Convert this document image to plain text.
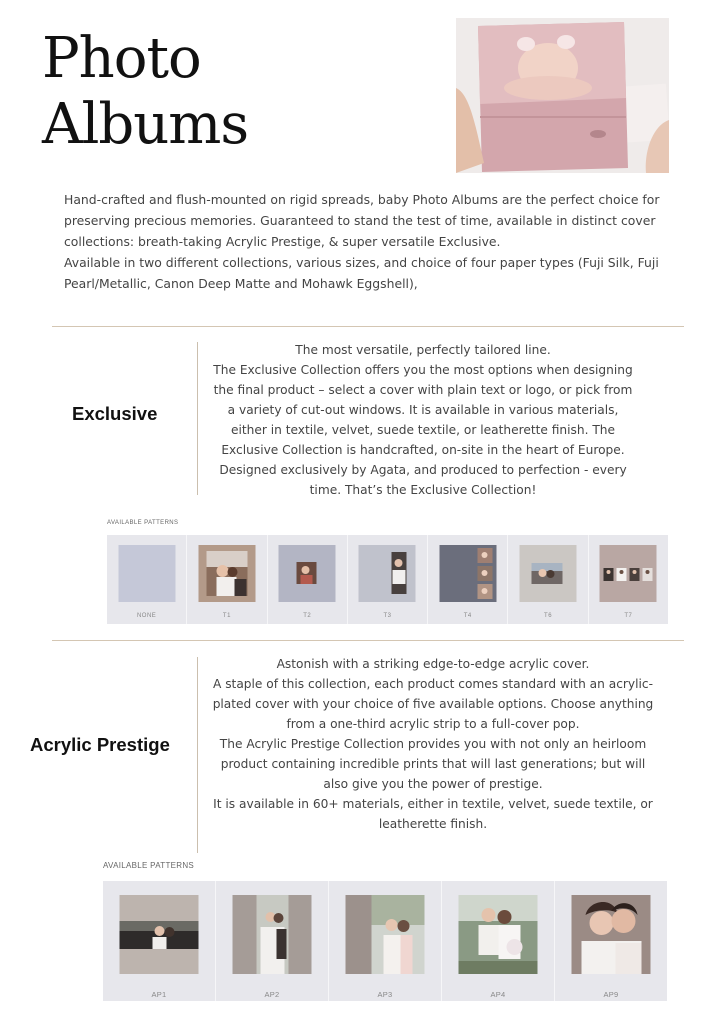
Photo
Albums

Hand-crafted and flush-mounted on rigid spreads, baby Photo Albums are the perfect choice for preserving precious memories. Guaranteed to stand the test of time, available in distinct cover collections: breath-taking Acrylic Prestige, & super versatile Exclusive.

Available in two different collections, various sizes, and choice of four paper types (Fuji Silk, Fuji Pearl/Metallic, Canon Deep Matte and Mohawk Eggshell),

Exclusive

The most versatile, perfectly tailored line.

The Exclusive Collection offers you the most options when designing the final product – select a cover with plain text or logo, or pick from a variety of cut-out windows. It is available in various materials, either in textile, velvet, suede textile, or leatherette finish. The Exclusive Collection is handcrafted, on-site in the heart of Europe. Designed exclusively by Agata, and produced to perfection - every time. That’s the Exclusive Collection!

AVAILABLE PATTERNS
NONE	T1	T2	T3	T4	T6	T7
Acrylic Prestige

Astonish with a striking edge-to-edge acrylic cover.

A staple of this collection, each product comes standard with an acrylic-plated cover with your choice of five available options. Choose anything from a one-third acrylic strip to a full-cover pop.

The Acrylic Prestige Collection provides you with not only an heirloom product containing incredible prints that will last generations; but will also give you the power of prestige.

It is available in 60+ materials, either in textile, velvet, suede textile, or leatherette finish.

AVAILABLE PATTERNS
AP1	AP2	AP3	AP4	AP9
